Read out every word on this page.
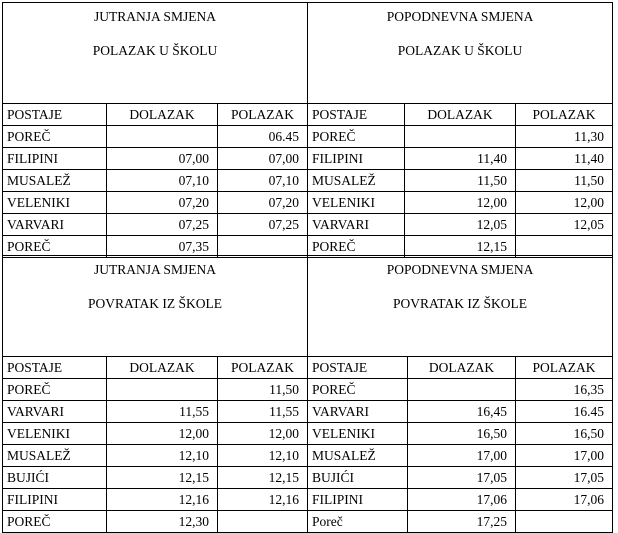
JUTRANJA SMJENA
POLAZAK U ŠKOLU			POPODNEVNA SMJENA
POLAZAK U ŠKOLU		

POSTAJE	DOLAZAK	POLAZAK	POSTAJE	DOLAZAK	POLAZAK
POREČ		06.45	POREČ		11,30
FILIPINI	07,00	07,00	FILIPINI	11,40	11,40
MUSALEŽ	07,10	07,10	MUSALEŽ	11,50	11,50
VELENIKI	07,20	07,20	VELENIKI	12,00	12,00
VARVARI	07,25	07,25	VARVARI	12,05	12,05
POREČ	07,35		POREČ	12,15	
JUTRANJA SMJENA
POVRATAK IZ ŠKOLE			POPODNEVNA SMJENA
POVRATAK IZ ŠKOLE		

POSTAJE	DOLAZAK	POLAZAK	POSTAJE	DOLAZAK	POLAZAK
POREČ		11,50	POREČ		16,35
VARVARI	11,55	11,55	VARVARI	16,45	16.45
VELENIKI	12,00	12,00	VELENIKI	16,50	16,50
MUSALEŽ	12,10	12,10	MUSALEŽ	17,00	17,00
BUJIĆI	12,15	12,15	BUJIĆI	17,05	17,05
FILIPINI	12,16	12,16	FILIPINI	17,06	17,06
POREČ	12,30		Poreč	17,25	
